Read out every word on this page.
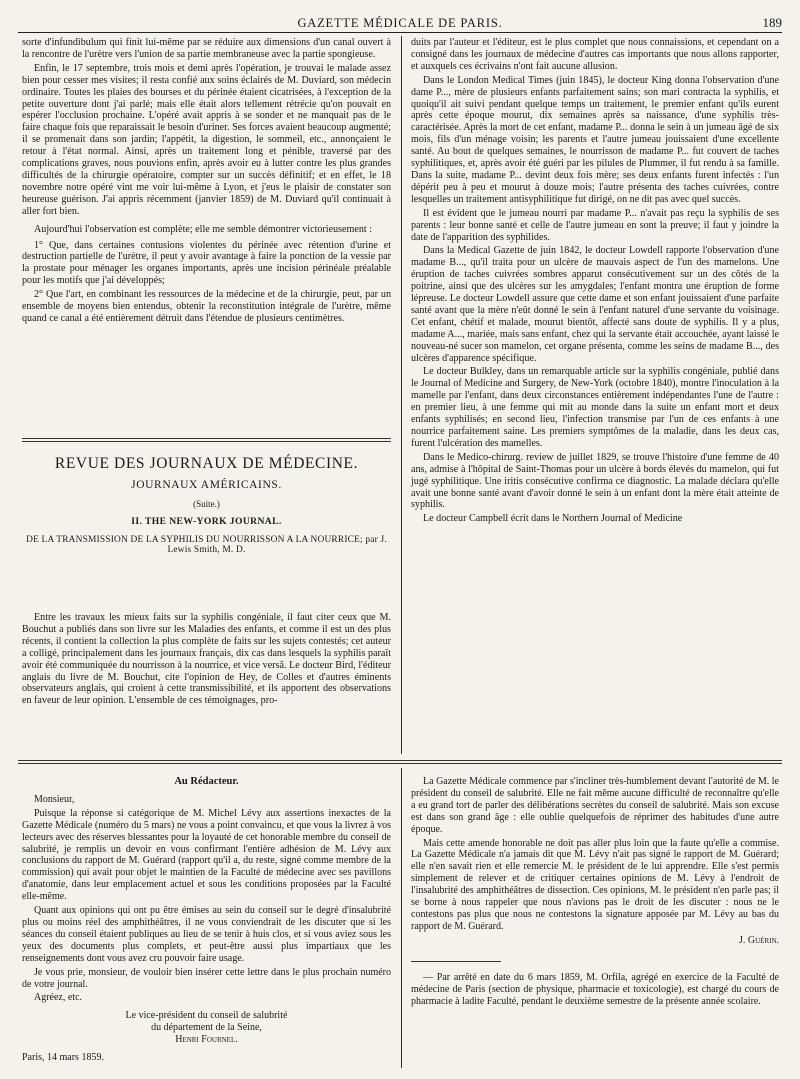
GAZETTE MÉDICALE DE PARIS.	189

sorte d'infundibulum qui finit lui-même par se réduire aux dimensions d'un canal ouvert à la rencontre de l'urètre vers l'union de sa partie membraneuse avec la partie spongieuse.

Enfin, le 17 septembre, trois mois et demi après l'opération, je trouvai le malade assez bien pour cesser mes visites; il resta confié aux soins éclairés de M. Duviard, son médecin ordinaire. Toutes les plaies des bourses et du périnée étaient cicatrisées, à l'exception de la petite ouverture dont j'ai parlé; mais elle était alors tellement rétrécie qu'on pouvait en espérer l'occlusion prochaine. L'opéré avait appris à se sonder et ne manquait pas de le faire chaque fois que reparaissait le besoin d'uriner. Ses forces avaient beaucoup augmenté; il se promenait dans son jardin; l'appétit, la digestion, le sommeil, etc., annonçaient le retour à l'état normal. Ainsi, après un traitement long et pénible, traversé par des complications graves, nous pouvions enfin, après avoir eu à lutter contre les plus grandes difficultés de la chirurgie opératoire, compter sur un succès définitif; et en effet, le 18 novembre notre opéré vint me voir lui-même à Lyon, et j'eus le plaisir de constater son heureuse guérison. J'ai appris récemment (janvier 1859) de M. Duviard qu'il continuait à aller fort bien.

Aujourd'hui l'observation est complète; elle me semble démontrer victorieusement :

1° Que, dans certaines contusions violentes du périnée avec rétention d'urine et destruction partielle de l'urètre, il peut y avoir avantage à faire la ponction de la vessie par la prostate pour ménager les organes importants, après une incision périnéale préalable pour les motifs que j'ai développés;

2° Que l'art, en combinant les ressources de la médecine et de la chirurgie, peut, par un ensemble de moyens bien entendus, obtenir la reconstitution intégrale de l'urètre, même quand ce canal a été entièrement détruit dans l'étendue de plusieurs centimètres.

REVUE DES JOURNAUX DE MÉDECINE.
JOURNAUX AMÉRICAINS.
(Suite.)
II. THE NEW-YORK JOURNAL.
DE LA TRANSMISSION DE LA SYPHILIS DU NOURRISSON A LA NOURRICE; par J. Lewis Smith, M. D.

Entre les travaux les mieux faits sur la syphilis congéniale, il faut citer ceux que M. Bouchut a publiés dans son livre sur les Maladies des enfants, et comme il est un des plus récents, il contient la collection la plus complète de faits sur les sujets contestés; cet auteur a colligé, principalement dans les journaux français, dix cas dans lesquels la syphilis paraît avoir été communiquée du nourrisson à la nourrice, et vice versâ. Le docteur Bird, l'éditeur anglais du livre de M. Bouchut, cite l'opinion de Hey, de Colles et d'autres éminents observateurs anglais, qui croient à cette transmissibilité, et ils apportent des observations en faveur de leur opinion. L'ensemble de ces témoignages, pro-

duits par l'auteur et l'éditeur, est le plus complet que nous connaissions, et cependant on a consigné dans les journaux de médecine d'autres cas importants que nous allons rapporter, et auxquels ces écrivains n'ont fait aucune allusion.

Dans le London Medical Times (juin 1845), le docteur King donna l'observation d'une dame P..., mère de plusieurs enfants parfaitement sains; son mari contracta la syphilis, et quoiqu'il ait suivi pendant quelque temps un traitement, le premier enfant qu'ils eurent après cette époque mourut, dix semaines après sa naissance, d'une syphilis très-caractérisée. Après la mort de cet enfant, madame P... donna le sein à un jumeau âgé de six mois, fils d'un ménage voisin; les parents et l'autre jumeau jouissaient d'une excellente santé. Au bout de quelques semaines, le nourrisson de madame P... fut couvert de taches syphilitiques, et, après avoir été guéri par les pilules de Plummer, il fut rendu à sa famille. Dans la suite, madame P... devint deux fois mère; ses deux enfants furent infectés : l'un dépérit peu à peu et mourut à douze mois; l'autre présenta des taches cuivrées, contre lesquelles un traitement antisyphilitique fut dirigé, on ne dit pas avec quel succès.

Il est évident que le jumeau nourri par madame P... n'avait pas reçu la syphilis de ses parents : leur bonne santé et celle de l'autre jumeau en sont la preuve; il faut y joindre la date de l'apparition des syphilides.

Dans la Medical Gazette de juin 1842, le docteur Lowdell rapporte l'observation d'une madame B..., qu'il traita pour un ulcère de mauvais aspect de l'un des mamelons. Une éruption de taches cuivrées sombres apparut consécutivement sur un des côtés de la poitrine, ainsi que des ulcères sur les amygdales; l'enfant montra une éruption de forme lépreuse. Le docteur Lowdell assure que cette dame et son enfant jouissaient d'une parfaite santé avant que la mère n'eût donné le sein à l'enfant naturel d'une servante du voisinage. Cet enfant, chétif et malade, mourut bientôt, affecté sans doute de syphilis. Il y a plus, madame A..., mariée, mais sans enfant, chez qui la servante était accouchée, ayant laissé le nouveau-né sucer son mamelon, cet organe présenta, comme les seins de madame B..., des ulcères d'apparence spécifique.

Le docteur Bulkley, dans un remarquable article sur la syphilis congéniale, publié dans le Journal of Medicine and Surgery, de New-York (octobre 1840), montre l'inoculation à la mamelle par l'enfant, dans deux circonstances entièrement indépendantes l'une de l'autre : en premier lieu, à une femme qui mit au monde dans la suite un enfant mort et deux enfants syphilisés; en second lieu, l'infection transmise par l'un de ces enfants à une nourrice parfaitement saine. Les premiers symptômes de la maladie, dans les deux cas, furent l'ulcération des mamelles.

Dans le Medico-chirurg. review de juillet 1829, se trouve l'histoire d'une femme de 40 ans, admise à l'hôpital de Saint-Thomas pour un ulcère à bords élevés du mamelon, qui fut jugé syphilitique. Une iritis consécutive confirma ce diagnostic. La malade déclara qu'elle avait une bonne santé avant d'avoir donné le sein à un enfant dont la mère était atteinte de syphilis.

Le docteur Campbell écrit dans le Northern Journal of Medicine

Au Rédacteur.

Monsieur,

Puisque la réponse si catégorique de M. Michel Lévy aux assertions inexactes de la Gazette Médicale (numéro du 5 mars) ne vous a point convaincu, et que vous la livrez à vos lecteurs avec des réserves blessantes pour la loyauté de cet honorable membre du conseil de salubrité, je remplis un devoir en vous confirmant l'entière adhésion de M. Lévy aux conclusions du rapport de M. Guérard (rapport qu'il a, du reste, signé comme membre de la commission) qui avait pour objet le maintien de la Faculté de médecine avec ses pavillons d'anatomie, dans leur emplacement actuel et sous les conditions proposées par la Faculté elle-même.

Quant aux opinions qui ont pu être émises au sein du conseil sur le degré d'insalubrité plus ou moins réel des amphithéâtres, il ne vous conviendrait de les discuter que si les séances du conseil étaient publiques au lieu de se tenir à huis clos, et si vous aviez sous les yeux des documents plus complets, et peut-être aussi plus impartiaux que les renseignements dont vous avez cru pouvoir faire usage.

Je vous prie, monsieur, de vouloir bien insérer cette lettre dans le plus prochain numéro de votre journal.

Agréez, etc.

Le vice-président du conseil de salubrité
du département de la Seine,
Henri Fournel.
Paris, 14 mars 1859.

La Gazette Médicale commence par s'incliner très-humblement devant l'autorité de M. le président du conseil de salubrité. Elle ne fait même aucune difficulté de reconnaître qu'elle a eu grand tort de parler des délibérations secrètes du conseil de salubrité. Mais son excuse est dans son grand âge : elle oublie quelquefois de réprimer des habitudes d'une autre époque.

Mais cette amende honorable ne doit pas aller plus loin que la faute qu'elle a commise. La Gazette Médicale n'a jamais dit que M. Lévy n'ait pas signé le rapport de M. Guérard; elle n'en savait rien et elle remercie M. le président de le lui apprendre. Elle s'est permis simplement de relever et de critiquer certaines opinions de M. Lévy à l'endroit de l'insalubrité des amphithéâtres de dissection. Ces opinions, M. le président n'en parle pas; il se borne à nous rappeler que nous n'avions pas le droit de les discuter : nous ne le contestons pas plus que nous ne contestons la signature apposée par M. Lévy au bas du rapport de M. Guérard.

J. Guérin.

— Par arrêté en date du 6 mars 1859, M. Orfila, agrégé en exercice de la Faculté de médecine de Paris (section de physique, pharmacie et toxicologie), est chargé du cours de pharmacie à ladite Faculté, pendant le deuxième semestre de la présente année scolaire.
